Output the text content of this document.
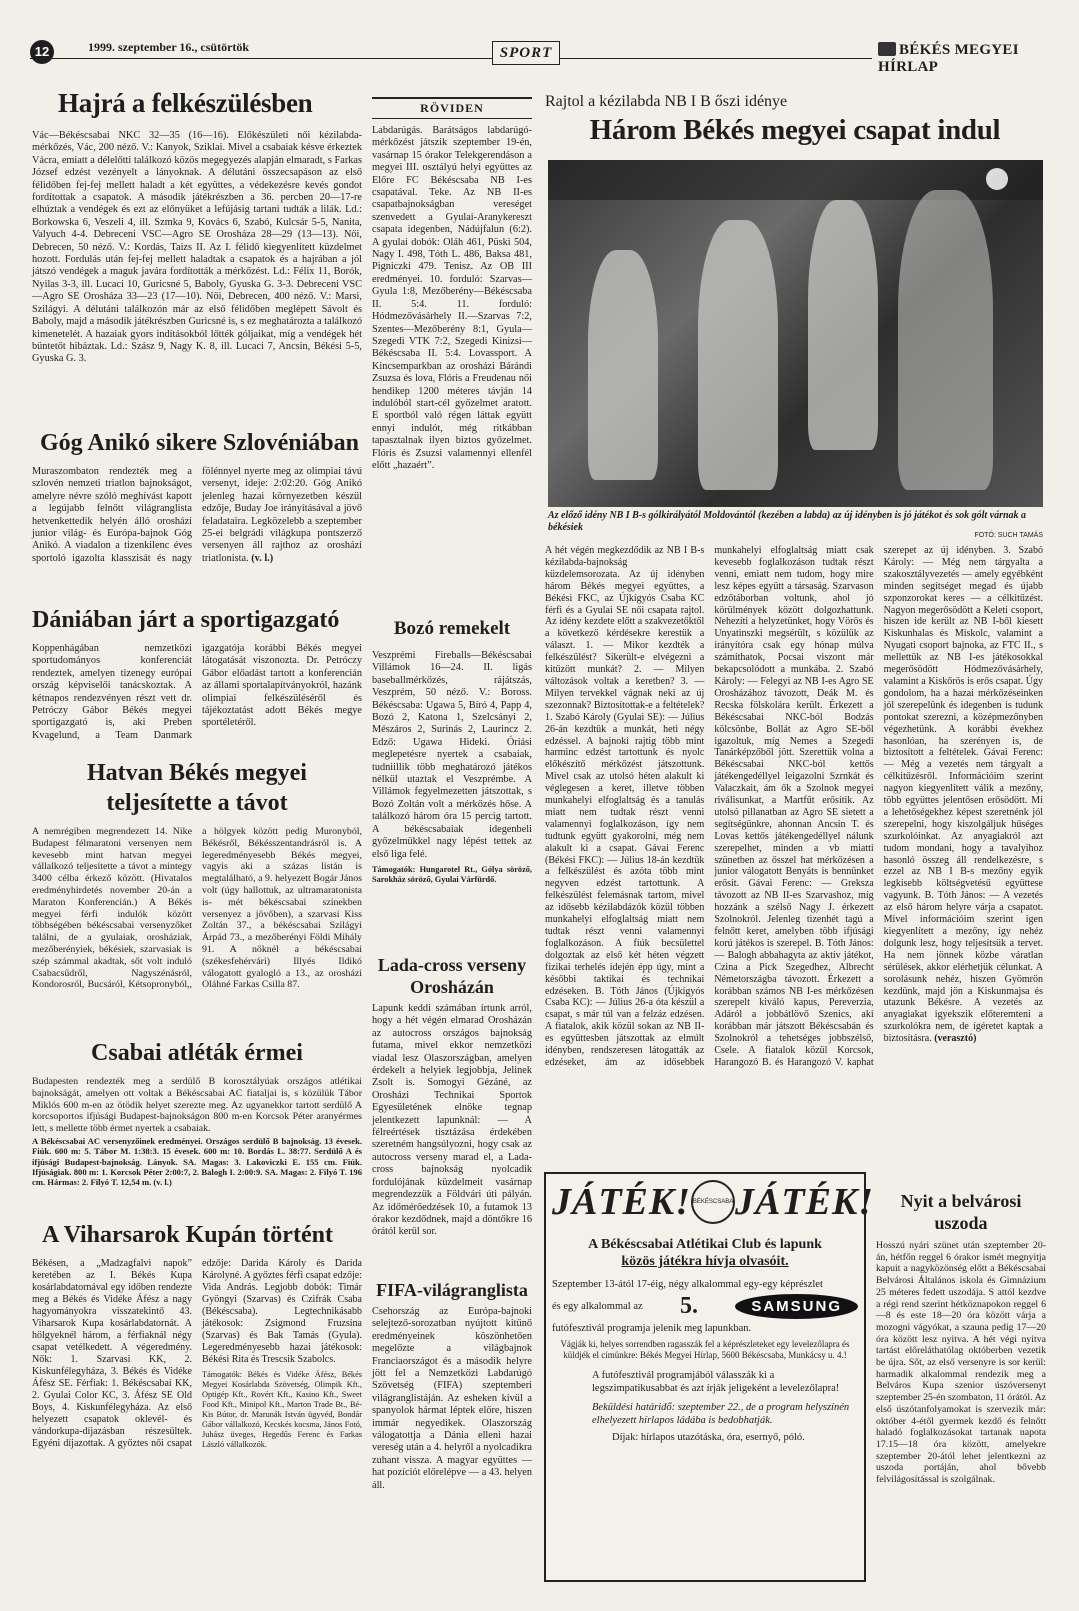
12	1999. szeptember 16., csütörtök	SPORT	BÉKÉS MEGYEI HÍRLAP
Hajrá a felkészülésben
Vác—Békéscsabai NKC 32—35 (16—16). Előkészületi női kézilabda-mérkőzés, Vác, 200 néző. V.: Kanyok, Sziklai. Mivel a csabaiak késve érkeztek Vácra, emiatt a délelőtti találkozó közös megegyezés alapján elmaradt, s Farkas József edzést vezényelt a lányoknak. A délutáni összecsapáson az első félidőben fej-fej mellett haladt a két együttes, a védekezésre kevés gondot fordítottak a csapatok. A második játékrészben a 36. percben 20—17-re elhúztak a vendégek és ezt az előnyüket a lefújásig tartani tudták a lilák. Ld.: Borkowska 6, Veszeli 4, ill. Szmka 9, Kovács 6, Szabó, Kulcsár 5-5, Nanita, Valyuch 4-4. Debreceni VSC—Agro SE Orosháza 28—29 (13—13). Női, Debrecen, 50 néző. V.: Kordás, Taizs II. Az I. félidő kiegyenlített küzdelmet hozott. Fordulás után fej-fej mellett haladtak a csapatok és a hajrában a jól játszó vendégek a maguk javára fordították a mérkőzést. Ld.: Félix 11, Borók, Nyilas 3-3, ill. Lucaci 10, Guricsné 5, Baboly, Gyuska G. 3-3. Debreceni VSC—Agro SE Orosháza 33—23 (17—10). Női, Debrecen, 400 néző. V.: Marsi, Szilágyi. A délutáni találkozón már az első félidőben meglépett Sávolt és Baboly, majd a második játékrészben Guricsné is, s ez meghatározta a találkozó kimenetelét. A hazaiak gyors indításokból lőtték góljaikat, míg a vendégek hét büntetőt hibáztak. Ld.: Szász 9, Nagy K. 8, ill. Lucaci 7, Ancsin, Békési 5-5, Gyuska G. 3.
Góg Anikó sikere Szlovéniában
Muraszombaton rendezték meg a szlovén nemzeti triatlon bajnokságot, amelyre névre szóló meghívást kapott a legújabb felnőtt világranglista hetvenkettedik helyén álló orosházi junior világ- és Európa-bajnok Góg Anikó. A viadalon a tizenkilenc éves sportoló igazolta klasszisát és nagy fölénnyel nyerte meg az olimpiai távú versenyt, ideje: 2:02:20. Góg Anikó jelenleg hazai környezetben készül edzője, Buday Joe irányításával a jövő feladataira. Legközelebb a szeptember 25-ei belgrádi világkupa pontszerző versenyen áll rajthoz az orosházi triatlonista. (v. l.)
Dániában járt a sportigazgató
Koppenhágában nemzetközi sportudományos konferenciát rendeztek, amelyen tizenegy európai ország képviselői tanácskoztak. A kétnapos rendezvényen részt vett dr. Petróczy Gábor Békés megyei sportigazgató is, aki Preben Kvagelund, a Team Danmark igazgatója korábbi Békés megyei látogatását viszonozta. Dr. Petróczy Gábor előadást tartott a konferencián az állami sportalapítványokról, hazánk olimpiai felkészüléséről és tájékoztatást adott Békés megye sportéletéről.
Hatvan Békés megyei
teljesítette a távot
A nemrégiben megrendezett 14. Nike Budapest félmaratoni versenyen nem kevesebb mint hatvan megyei vállalkozó teljesítette a távot a mintegy 3400 célba érkező között. (Hivatalos eredményhirdetés november 20-án a Maraton Konferencián.) A Békés megyei férfi indulók között többségében békéscsabai versenyzőket találni, de a gyulaiak, orosháziak, mezőberényiek, békésiek, szarvasiak is szép számmal akadtak, sőt volt induló Csabacsűdről, Nagyszénásról, Kondorosról, Bucsáról, Kétsopronyból,, a hölgyek között pedig Muronyból, Békésről, Békésszentandrásról is. A legeredményesebb Békés megyei, vagyis aki a százas listán is megtalálható, a 9. helyezett Bogár János volt (úgy hallottuk, az ultramaratonista is- mét békéscsabai színekben versenyez a jövőben), a szarvasi Kiss Zoltán 37., a békéscsabai Szilágyi Árpád 73., a mezőberényi Földi Mihály 91. A nőknél a békéscsabai (székesfehérvári) Illyés Ildikó válogatott gyalogló a 13., az orosházi Oláhné Farkas Csilla 87.
Csabai atléták érmei
Budapesten rendezték meg a serdülő B korosztályúak országos atlétikai bajnokságát, amelyen ott voltak a Békéscsabai AC fiataljai is, s közülük Tábor Miklós 600 m-en az ötödik helyet szerezte meg. Az ugyanekkor tartott serdülő A korcsoportos ifjúsági Budapest-bajnokságon 800 m-en Korcsok Péter aranyérmes lett, s mellette több érmet nyertek a csabaiak.
A Békéscsabai AC versenyzőinek eredményei. Országos serdülő B bajnokság. 13 évesek. Fiúk. 600 m: 5. Tábor M. 1:38:3. 15 évesek. 600 m: 10. Bordás L. 38:77. Serdülő A és ifjúsági Budapest-bajnokság. Lányok. SA. Magas: 3. Lakoviczki E. 155 cm. Fiúk. Ifjúságiak. 800 m: 1. Korcsok Péter 2:00:7, 2. Balogh I. 2:00:9. SA. Magas: 2. Filyó T. 196 cm. Hármas: 2. Filyó T. 12,54 m. (v. l.)
A Viharsarok Kupán történt
Békésen, a „Madzagfalvi napok” keretében az I. Békés Kupa kosárlabdatornával egy időben rendezte meg a Békés és Vidéke Áfész a nagy hagyományokra visszatekintő 43. Viharsarok Kupa kosárlabdatornát. A hölgyeknél három, a férfiaknál négy csapat vetélkedett. A végeredmény. Nők: 1. Szarvasi KK, 2. Kiskunfélegyháza, 3. Békés és Vidéke Áfész SE. Férfiak: 1. Békéscsabai KK, 2. Gyulai Color KC, 3. Áfész SE Old Boys, 4. Kiskunfélegyháza. Az első helyezett csapatok oklevél- és vándorkupa-díjazásban részesültek. Egyéni díjazottak. A győztes női csapat edzője: Darida Károly és Darida Károlyné. A győztes férfi csapat edzője: Vida András. Legjobb dobók: Timár Gyöngyi (Szarvas) és Czifrák Csaba (Békéscsaba). Legtechnikásabb játékosok: Zsigmond Fruzsina (Szarvas) és Bak Tamás (Gyula). Legeredményesebb hazai játékosok: Békési Rita és Trescsik Szabolcs.
Támogatók: Békés és Vidéke Áfész, Békés Megyei Kosárlabda Szövetség, Olimpik Kft., Optigép Kft., Rovért Kft., Kasino Kft., Sweet Food Kft., Minipol Kft., Marton Trade Bt., Bé-Kis Bútor, dr. Marunák István ügyvéd, Bondár Gábor vállalkozó, Kecskés kocsma, János Fotó, Juhász üveges, Hegedűs Ferenc és Farkas László vállalkozók.
RÖVIDEN
Labdarúgás. Barátságos labdarúgó-mérkőzést játszik szeptember 19-én, vasárnap 15 órakor Telekgerendáson a megyei III. osztályú helyi együttes az Előre FC Békéscsaba NB I-es csapatával. Teke. Az NB II-es csapatbajnokságban vereséget szenvedett a Gyulai-Aranykereszt csapata idegenben, Nádújfalun (6:2). A gyulai dobók: Oláh 461, Püski 504, Nagy I. 498, Tóth L. 486, Baksa 481, Pigniczki 479. Tenisz. Az OB III eredményei. 10. forduló: Szarvas—Gyula 1:8, Mezőberény—Békéscsaba II. 5:4. 11. forduló: Hódmezővásárhely II.—Szarvas 7:2, Szentes—Mezőberény 8:1, Gyula—Szegedi VTK 7:2, Szegedi Kinizsi—Békéscsaba II. 5:4. Lovassport. A Kincsemparkban az orosházi Bárándi Zsuzsa és lova, Flóris a Freudenau női hendikep 1200 méteres távján 14 indulóból start-cél győzelmet aratott. E sportból való régen láttak együtt ennyi indulót, még ritkábban tapasztalnak ilyen biztos győzelmet. Flóris és Zsuzsi valamennyi ellenfél előtt „hazaért”.
Bozó remekelt
Veszprémi Fireballs—Békéscsabai Villámok 16—24. II. ligás baseballmérkőzés, rájátszás, Veszprém, 50 néző. V.: Boross. Békéscsaba: Ugawa 5, Bíró 4, Papp 4, Bozó 2, Katona 1, Szelcsányi 2, Mészáros 2, Surinás 2, Laurincz 2. Edző: Ugawa Hideki. Óriási meglepetésre nyertek a csabaiak, tudniillik több meghatározó játékos nélkül utaztak el Veszprémbe. A Villámok fegyelmezetten játszottak, s Bozó Zoltán volt a mérkőzés hőse. A találkozó három óra 15 percig tartott. A békéscsabaiak idegenbeli győzelmükkel nagy lépést tettek az első liga felé.
Támogatók: Hungarotel Rt., Gólya söröző, Sarokház söröző, Gyulai Várfürdő.
Lada-cross verseny
Orosházán
Lapunk keddi számában írtunk arról, hogy a hét végén elmarad Orosházán az autocross országos bajnokság futama, mivel ekkor nemzetközi viadal lesz Olaszországban, amelyen érdekelt a helyiek legjobbja, Jelinek Zsolt is. Somogyi Gézáné, az Orosházi Technikai Sportok Egyesületének elnöke tegnap jelentkezett lapunknál: — A félreértések tisztázása érdekében szeretném hangsúlyozni, hogy csak az autocross verseny marad el, a Lada-cross bajnokság nyolcadik fordulójának küzdelmeit vasárnap megrendezzük a Földvári úti pályán. Az időmérőedzések 10, a futamok 13 órakor kezdődnek, majd a döntőkre 16 órától kerül sor.
FIFA-világranglista
Csehország az Európa-bajnoki selejtező-sorozatban nyújtott kitűnő eredményeinek köszönhetően megelőzte a világbajnok Franciaországot és a második helyre jött fel a Nemzetközi Labdarúgó Szövetség (FIFA) szeptemberi világranglistáján. Az esheken kívül a spanyolok hármat léptek előre, hiszen immár negyedikek. Olaszország válogatottja a Dánia elleni hazai vereség után a 4. helyről a nyolcadikra zuhant vissza. A magyar együttes — hat pozíciót előrelépve — a 43. helyen áll.
Rajtol a kézilabda NB I B őszi idénye
Három Békés megyei csapat indul
Az előző idény NB I B-s gólkirályától Moldovántól (kezében a labda) az új idényben is jó játékot és sok gólt várnak a békésiek
FOTÓ: SUCH TAMÁS
A hét végén megkezdődik az NB I B-s kézilabda-bajnokság küzdelemsorozata. Az új idényben három Békés megyei együttes, a Békési FKC, az Újkígyós Csaba KC férfi és a Gyulai SE női csapata rajtol. Az idény kezdete előtt a szakvezetőktől a következő kérdésekre kerestük a választ. 1. — Mikor kezdték a felkészülést? Sikerült-e elvégezni a kitűzött munkát? 2. — Milyen változások voltak a keretben? 3. — Milyen tervekkel vágnak neki az új szezonnak? Biztosítottak-e a feltételek? 1. Szabó Károly (Gyulai SE): — Július 26-án kezdtük a munkát, heti négy edzéssel. A bajnoki rajtig több mint harminc edzést tartottunk és nyolc előkészítő mérkőzést játszottunk. Mivel csak az utolsó héten alakult ki véglegesen a keret, illetve többen munkahelyi elfoglaltság és a tanulás miatt nem tudtak részt venni valamennyi foglalkozáson, így nem tudtunk együtt gyakorolni, még nem alakult ki a csapat. Gávai Ferenc (Békési FKC): — Július 18-án kezdtük a felkészülést és azóta több mint negyven edzést tartottunk. A felkészülést felemásnak tartom, mivel az idősebb kézilabdázók közül többen munkahelyi elfoglaltság miatt nem tudtak részt venni valamennyi foglalkozáson. A fiúk becsülettel dolgoztak az első két héten végzett fizikai terhelés idején épp úgy, mint a későbbi taktikai és technikai edzéseken. B. Tóth János (Újkígyós Csaba KC): — Július 26-a óta készül a csapat, s már túl van a felzáz edzésen. A fiatalok, akik közül sokan az NB II-es együttesben játszottak az elmúlt idényben, rendszeresen látogatták az edzéseket, ám az idősebbek munkahelyi elfoglaltság miatt csak kevesebb foglalkozáson tudtak részt venni, emiatt nem tudom, hogy mire lesz képes együtt a társaság. Szarvason edzőtáborban voltunk, ahol jó körülmények között dolgozhattunk. Nehezíti a helyzetünket, hogy Vörös és Unyatinszki megsérült, s közülük az irányítóra csak egy hónap múlva számíthatok, Pocsai viszont már bekapcsolódott a munkába. 2. Szabó Károly: — Felegyi az NB I-es Agro SE Orosházához távozott, Deák M. és Recska fölskolára került. Érkezett a Békéscsabai NKC-ból Bodzás kölcsönbe, Bollát az Agro SE-ből igazoltuk, míg Nemes a Szegedi Tanárképzőből jött. Szerettük volna a Békéscsabai NKC-ból kettős játékengedéllyel leigazolni Szrnkát és Valaczkait, ám ők a Szolnok megyei riválisunkat, a Martfűt erősítik. Az utolsó pillanatban az Agro SE sietett a segítségünkre, ahonnan Ancsin T. és Lovas kettős játékengedéllyel nálunk szerepelhet, minden a vb miatti szünetben az ősszel hat mérkőzésen a junior válogatott Benyáts is bennünket erősít. Gávai Ferenc: — Grekszа távozott az NB II-es Szarvashoz, míg hozzánk a szélső Nagy J. érkezett Szolnokról. Jelenleg tizenhét tagú a felnőtt keret, amelyben több ifjúsági korú játékos is szerepel. B. Tóth János: — Balogh abbahagyta az aktív játékot, Czina a Pick Szegedhez, Albrecht Németországba távozott. Érkezett a korábban számos NB I-es mérkőzésen szerepelt kiváló kapus, Pereverzia, Adáról a jobbátlövő Szenics, aki korábban már játszott Békéscsabán és Szolnokról a tehetséges jobbszélső, Csele. A fiatalok közül Korcsok, Harangozó B. és Harangozó V. kaphat szerepet az új idényben. 3. Szabó Károly: — Még nem tárgyalta a szakosztályvezetés — amely egyébként minden segítséget megad és újabb szponzorokat keres — a célkitűzést. Nagyon megerősödött a Keleti csoport, hiszen ide került az NB I-ből kiesett Kiskunhalas és Miskolc, valamint a Nyugati csoport bajnoka, az FTC II., s mellettük az NB I-es játékosokkal megerősödött Hódmezővásárhely, valamint a Kiskőrös is erős csapat. Úgy gondolom, ha a hazai mérkőzéseinken jól szerepelünk és idegenben is tudunk pontokat szerezni, a középmezőnyben végezhetünk. A korábbi évekhez hasonlóan, ha szerényen is, de biztosított a feltételek. Gávai Ferenc: — Még a vezetés nem tárgyalt a célkitűzésről. Információim szerint nagyon kiegyenlített válik a mezőny, több együttes jelentősen erősödött. Mi a lehetőségekhez képest szeretnénk jól szerepelni, hogy kiszolgáljuk hűséges szurkolóinkat. Az anyagiakról azt tudom mondani, hogy a tavalyihoz hasonló összeg áll rendelkezésre, s ezzel az NB I B-s mezőny egyik legkisebb költségvetésű együttese vagyunk. B. Tóth János: — A vezetés az első három helyre várja a csapatot. Mivel információim szerint igen kiegyenlített a mezőny, így nehéz dolgunk lesz, hogy teljesítsük a tervet. Ha nem jönnek közbe váratlan sérülések, akkor elérhetjük célunkat. A sorolásunk nehéz, hiszen Gyömrön kezdünk, majd jön a Kiskunmajsa és utazunk Békésre. A vezetés az anyagiakat igyekszik előteremteni a szurkolókra nem, de ígéretet kaptak a biztosításra. (verasztó)
JÁTÉK! BÉKÉSCSABA JÁTÉK!
A Békéscsabai Atlétikai Club és lapunk
közös játékra hívja olvasóit.
Szeptember 13-ától 17-éig, négy alkalommal egy-egy képrészlet
és egy alkalommal az 5.	SAMSUNG
futófesztivál programja jelenik meg lapunkban.
Vágják ki, helyes sorrendben ragasszák fel a képrészleteket egy levelezőlapra és küldjék el címünkre: Békés Megyei Hírlap, 5600 Békéscsaba, Munkácsy u. 4.!
A futófesztivál programjából válasszák ki a legszimpatikusabbat és azt írják jeligeként a levelezőlapra!
Beküldési határidő: szeptember 22., de a program helyszínén elhelyezett hírlapos ládába is bedobhatják.
Díjak: hírlapos utazótáska, óra, esernyő, póló.
Nyit a belvárosi
uszoda
Hosszú nyári szünet után szeptember 20-án, hétfőn reggel 6 órakor ismét megnyitja kapuit a nagyközönség előtt a Békéscsabai Belvárosi Általános iskola és Gimnázium 25 méteres fedett uszodája. S attól kezdve a régi rend szerint hétköznapokon reggel 6—8 és este 18—20 óra között várja a mozogni vágyókat, a szauna pedig 17—20 óra között lesz nyitva. A hét végi nyitva tartást előreláthatólag októberben vezetik be újra. Sőt, az első versenyre is sor kerül: harmadik alkalommal rendezik meg a Belváros Kupa szenior úszóversenyt szeptember 25-én szombaton, 11 órától. Az első úszótanfolyamokat is szervezik már: október 4-étől gyermek kezdő és felnőtt haladó foglalkozásokat tartanak napota 17.15—18 óra között, amelyekre szeptember 20-ától lehet jelentkezni az uszoda portáján, ahol bővebb felvilágosítással is szolgálnak.
